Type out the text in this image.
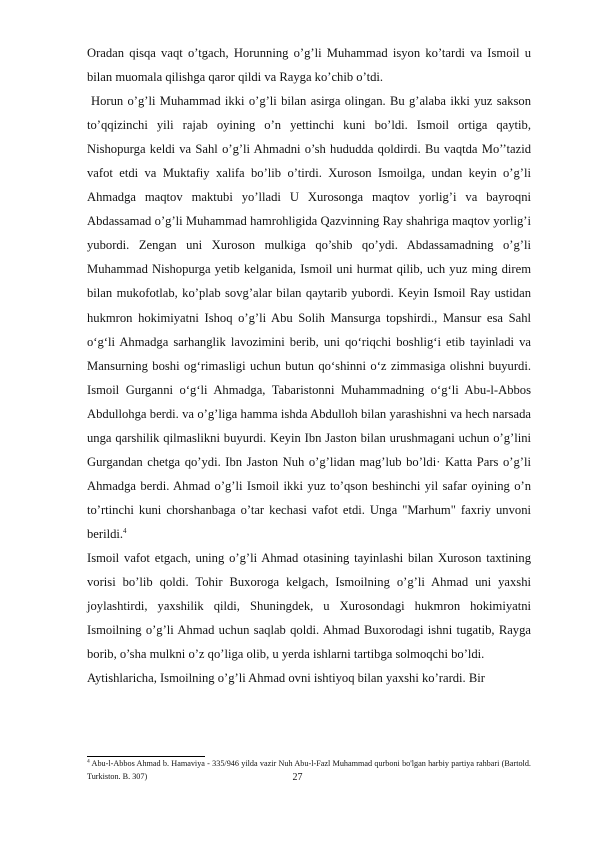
Oradan qisqa vaqt o’tgach, Horunning o’g’li Muhammad isyon ko’tardi va Ismoil u bilan muomala qilishga qaror qildi va Rayga ko’chib o’tdi.

Horun o’g’li Muhammad ikki o’g’li bilan asirga olingan. Bu g’alaba ikki yuz sakson to’qqizinchi yili rajab oyining o’n yettinchi kuni bo’ldi. Ismoil ortiga qaytib, Nishopurga keldi va Sahl o’g’li Ahmadni o’sh hududda qoldirdi. Bu vaqtda Mo’’tazid vafot etdi va Muktafiy xalifa bo’lib o’tirdi. Xuroson Ismoilga, undan keyin o’g’li Ahmadga maqtov maktubi yo’lladi U Xurosonga maqtov yorlig’i va bayroqni Abdassamad o’g’li Muhammad hamrohligida Qazvinning Ray shahriga maqtov yorlig’i yubordi. Zengan uni Xuroson mulkiga qo’shib qo’ydi. Abdassamadning o’g’li Muhammad Nishopurga yetib kelganida, Ismoil uni hurmat qilib, uch yuz ming direm bilan mukofotlab, ko’plab sovg’alar bilan qaytarib yubordi. Keyin Ismoil Ray ustidan hukmron hokimiyatni Ishoq o’g’li Abu Solih Mansurga topshirdi., Mansur esa Sahl o‘g‘li Ahmadga sarhanglik lavozimini berib, uni qo‘riqchi boshlig‘i etib tayinladi va Mansurning boshi og‘rimasligi uchun butun qo‘shinni o‘z zimmasiga olishni buyurdi. Ismoil Gurganni o‘g‘li Ahmadga, Tabaristonni Muhammadning o‘g‘li Abu-l-Abbos Abdullohga berdi. va o’g’liga hamma ishda Abdulloh bilan yarashishni va hech narsada unga qarshilik qilmaslikni buyurdi. Keyin Ibn Jaston bilan urushmagani uchun o’g’lini Gurgandan chetga qo’ydi. Ibn Jaston Nuh o’g’lidan mag’lub bo’ldi· Katta Pars o’g’li Ahmadga berdi. Ahmad o’g’li Ismoil ikki yuz to’qson beshinchi yil safar oyining o’n to’rtinchi kuni chorshanbaga o’tar kechasi vafot etdi. Unga "Marhum" faxriy unvoni berildi.$^4$

Ismoil vafot etgach, uning o’g’li Ahmad otasining tayinlashi bilan Xuroson taxtining vorisi bo’lib qoldi. Tohir Buxoroga kelgach, Ismoilning o’g’li Ahmad uni yaxshi joylashtirdi, yaxshilik qildi, Shuningdek, u Xurosondagi hukmron hokimiyatni Ismoilning o’g’li Ahmad uchun saqlab qoldi. Ahmad Buxorodagi ishni tugatib, Rayga borib, o’sha mulkni o’z qo’liga olib, u yerda ishlarni tartibga solmoqchi bo’ldi.

Aytishlaricha, Ismoilning o’g’li Ahmad ovni ishtiyoq bilan yaxshi ko’rardi. Bir

$^4$ Abu-l-Abbos Ahmad b. Hamaviya - 335/946 yilda vazir Nuh Abu-l-Fazl Muhammad qurboni bo'lgan harbiy partiya rahbari (Bartold. Turkiston. B. 307)	27
